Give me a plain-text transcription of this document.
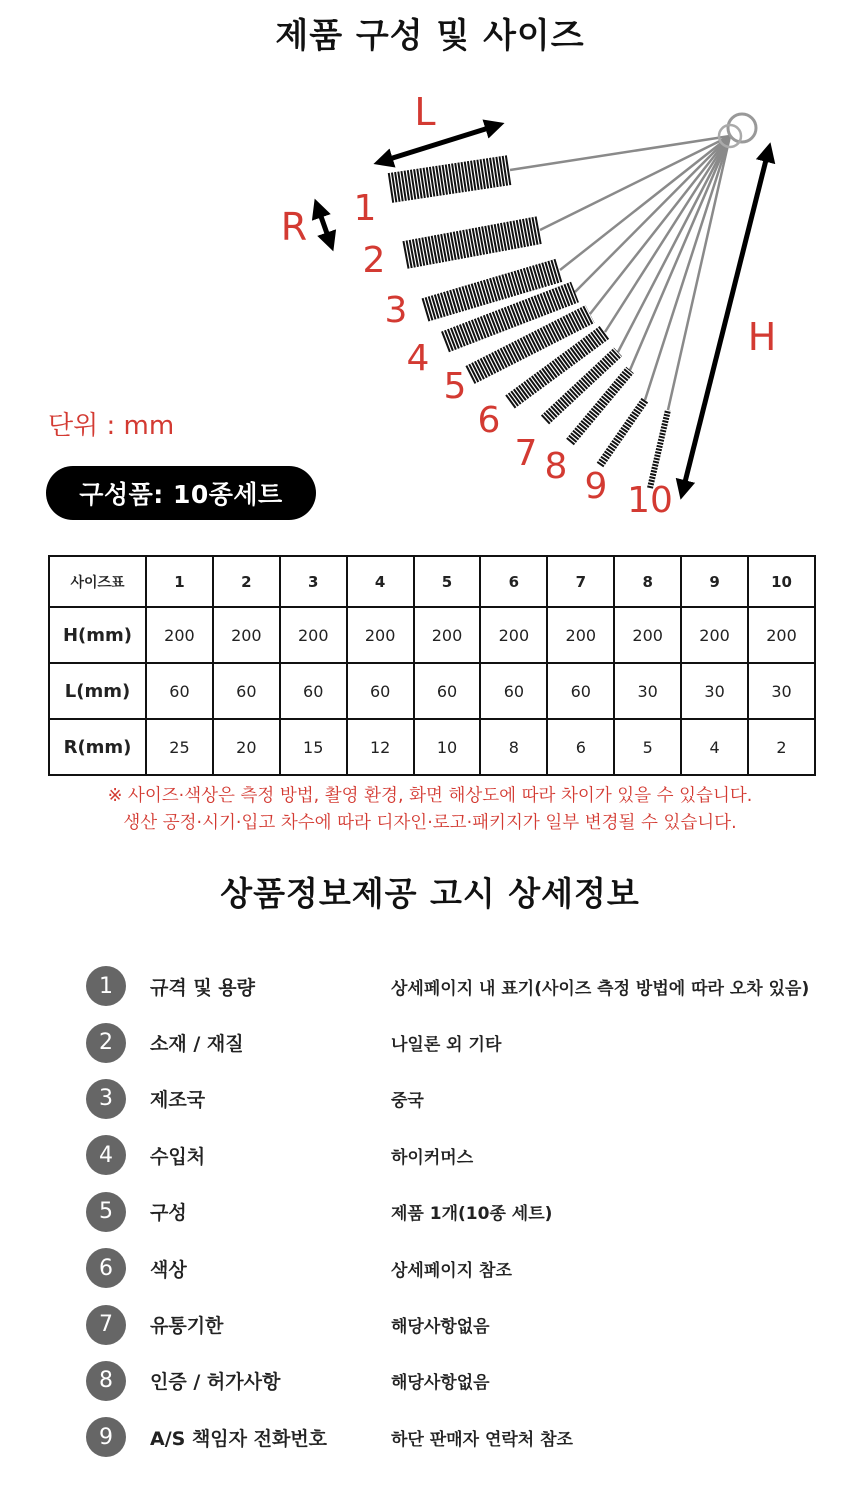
제품 구성 및 사이즈
L
R
H
1
2
3
4
5
6
7 8 9 10
단위 : mm
구성품: 10종세트
사이즈표	1	2	3	4	5	6	7	8	9	10
H(mm)	200	200	200	200	200	200	200	200	200	200
L(mm)	60	60	60	60	60	60	60	30	30	30
R(mm)	25	20	15	12	10	8	6	5	4	2
※ 사이즈·색상은 측정 방법, 촬영 환경, 화면 해상도에 따라 차이가 있을 수 있습니다.
생산 공정·시기·입고 차수에 따라 디자인·로고·패키지가 일부 변경될 수 있습니다.
상품정보제공 고시 상세정보
1	규격 및 용량	상세페이지 내 표기(사이즈 측정 방법에 따라 오차 있음)
2	소재 / 재질	나일론 외 기타
3	제조국	중국
4	수입처	하이커머스
5	구성	제품 1개(10종 세트)
6	색상	상세페이지 참조
7	유통기한	해당사항없음
8	인증 / 허가사항	해당사항없음
9	A/S 책임자 전화번호	하단 판매자 연락처 참조
